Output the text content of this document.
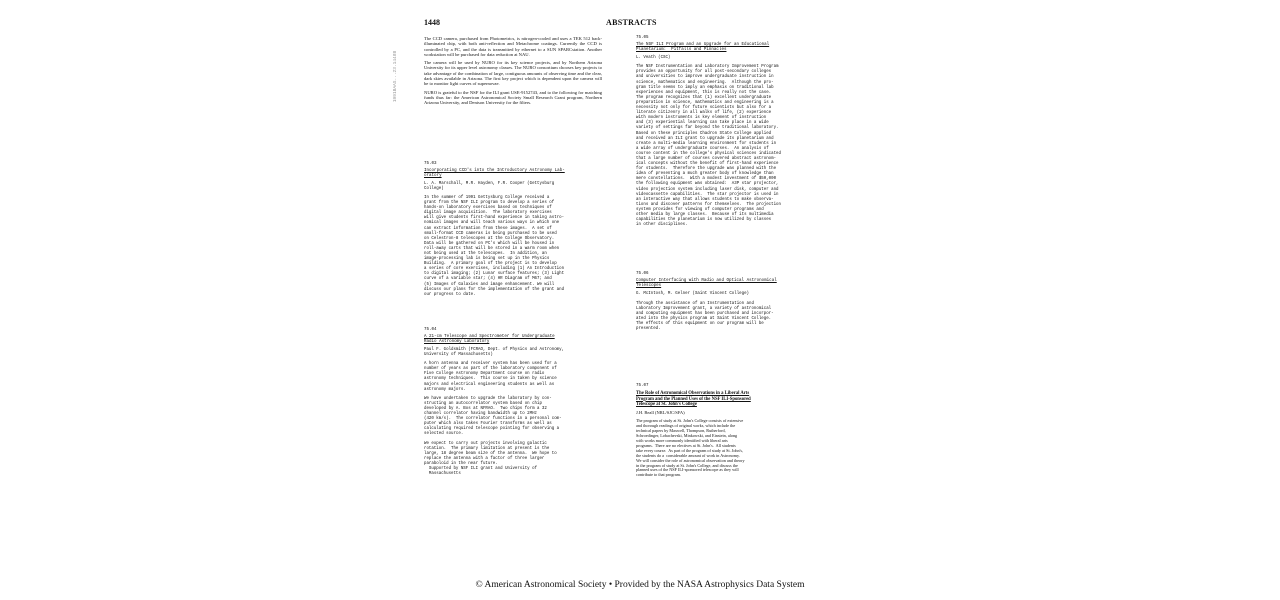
1448	ABSTRACTS
1991BAAS...23.1448B

The CCD camera, purchased from Photometrics, is nitrogen-cooled and uses a TEK 512 back-illuminated chip, with both anti-reflection and Metachrome coatings. Currently the CCD is controlled by a PC, and the data is transmitted by ethernet to a SUN SPARCstation. Another workstation will be purchased for data reduction at NAU.

The camera will be used by NURO for its key science projects, and by Northern Arizona University for its upper level astronomy classes. The NURO consortium chooses key projects to take advantage of the combination of large, contiguous amounts of observing time and the clear, dark skies available in Arizona. The first key project which is dependent upon the camera will be to monitor light curves of supernovae.

NURO is grateful to the NSF for the ILI grant USE-9152743, and to the following for matching funds thus far: the American Astronomical Society Small Research Grant program, Northern Arizona University, and Denison University for the filters.

75.03
Incorporating CCD's into the Introductory Astronomy Lab-
oratory
L. A. Marschall, M.R. Hayden, F.R. Cooper (Gettysburg
College)
In the summer of 1991 Gettysburg College received a
grant from the NSF ILI program to develop a series of
hands-on laboratory exercises based on techniques of
digital image acquisition.  The laboratory exercises
will give students first-hand experience in taking astro-
nomical images and will teach various ways in which one
can extract information from these images.  A set of
small-format CCD cameras is being purchased to be used
on Celestron-8 telescopes at the College Observatory.
Data will be gathered on PC's which will be housed in
roll-away carts that will be stored in a warm room when
not being used at the telescopes.  In addition, an
image-processing lab is being set up in the Physics
Building.  A primary goal of the project is to develop
a series of core exercises, including (1) An Introduction
to digital imaging; (2) Lunar surface features; (3) Light
curve of a variable star; (4) HR Diagram of M67; and
(5) Images of Galaxies and image enhancement. We will
discuss our plans for the implementation of the grant and
our progress to date.
75.04
A 21-cm Telescope and Spectrometer for Undergraduate
Radio Astronomy Laboratory
Paul F. Goldsmith (FCRAO, Dept. of Physics and Astronomy,
University of Massachusetts)
A horn antenna and receiver system has been used for a
number of years as part of the laboratory component of
Five College Astronomy Department course on radio
astronomy techniques.  This course in taken by science
majors and electrical engineering students as well as
astronomy majors.
We have undertaken to upgrade the laboratory by con-
structing an autocorrelator system based on chip
developed by A. Bos at NFRAO.  Two chips form a 32
channel correlator having bandwidth up to 2MHz
(420 km/s).  The correlator functions in a personal com-
puter which also takes Fourier transforms as well as
calculating required telescope pointing for observing a
selected source.
We expect to carry out projects involving galactic
rotation.  The primary limitation at present is the
large, 18 degree beam size of the antenna.  We hope to
replace the antenna with a factor of three larger
paraboloid in the near future.
Supported by NSF ILI grant and University of
Massachusetts
75.05
The NSF ILI Program and an Upgrade for an Educational
Planetarium:  Pitfalls and Pinnacles
L. Veath (CSC)
The NSF Instrumentation and Laboratory Improvement Program
provides an opportunity for all post-secondary colleges
and universities to improve undergraduate instruction in
science, mathematics and engineering.  Although the pro-
gram title seems to imply an emphasis on traditional lab
experiences and equipment, this is really not the case.
The program recognizes that (1) excellent undergraduate
preparation in science, mathematics and engineering is a
necessity not only for future scientists but also for a
literate citizenry in all walks of life, (2) experience
with modern instruments is key element of instruction
and (3) experiential learning can take place in a wide
variety of settings far beyond the traditional laboratory.
Based on these principles Chadron State College applied
and received an ILI grant to upgrade its planetarium and
create a multi-media learning environment for students in
a wide array of undergraduate courses.  An analysis of
course content in the college's physical sciences indicated
that a large number of courses covered abstract astronom-
ical concepts without the benefit of first-hand experience
for students.  Therefore the upgrade was planned with the
idea of presenting a much greater body of knowledge than
mere constellations.  With a modest investment of $50,000
the following equipment was obtained:  A3P star projector,
video projection system including laser disk, computer and
videocassette capabilities.  The star projector is used in
an interactive way that allows students to make observa-
tions and discover patterns for themselves.  The projection
system provides for viewing of computer programs and
other media by large classes.  Because of its multimedia
capabilities the planetarium is now utilized by classes
in other disciplines.
75.06
Computer Interfacing with Radio and Optical Astronomical
Telescopes
G. McIntosh, M. Gelner (Saint Vincent College)
Through the assistance of an Instrumentation and
Laboratory Improvement grant, a variety of astronomical
and computing equipment has been purchased and incorpor-
ated into the physics program at Saint Vincent College.
The effects of this equipment on our program will be
presented.
75.07
The Role of Astronomical Observations in a Liberal Arts
Program and the Planned Uses of the NSF ILI-Sponsored
Telescope at St. John's College
J.H. Beall (NRL/SJC/SFA)
The program of study at St. John's College consists of extensive
and thorough readings of original works, which include the
technical papers by Maxwell, Thompson, Rutherford,
Schroedinger, Lobachevski, Minkowski, and Einstein, along
with works more commonly identified with liberal arts
programs.  There are no electives at St. John's.  All students
take every course.  As part of the program of study at St. John's,
the students do a  considerable amount of work in Astronomy.
We will consider the role of astronomical observation and theory
in the program of study at St. John's College, and discuss the
planned uses of the NSF ILI-sponsored telescope as they will
contribute to that program.
© American Astronomical Society • Provided by the NASA Astrophysics Data System
